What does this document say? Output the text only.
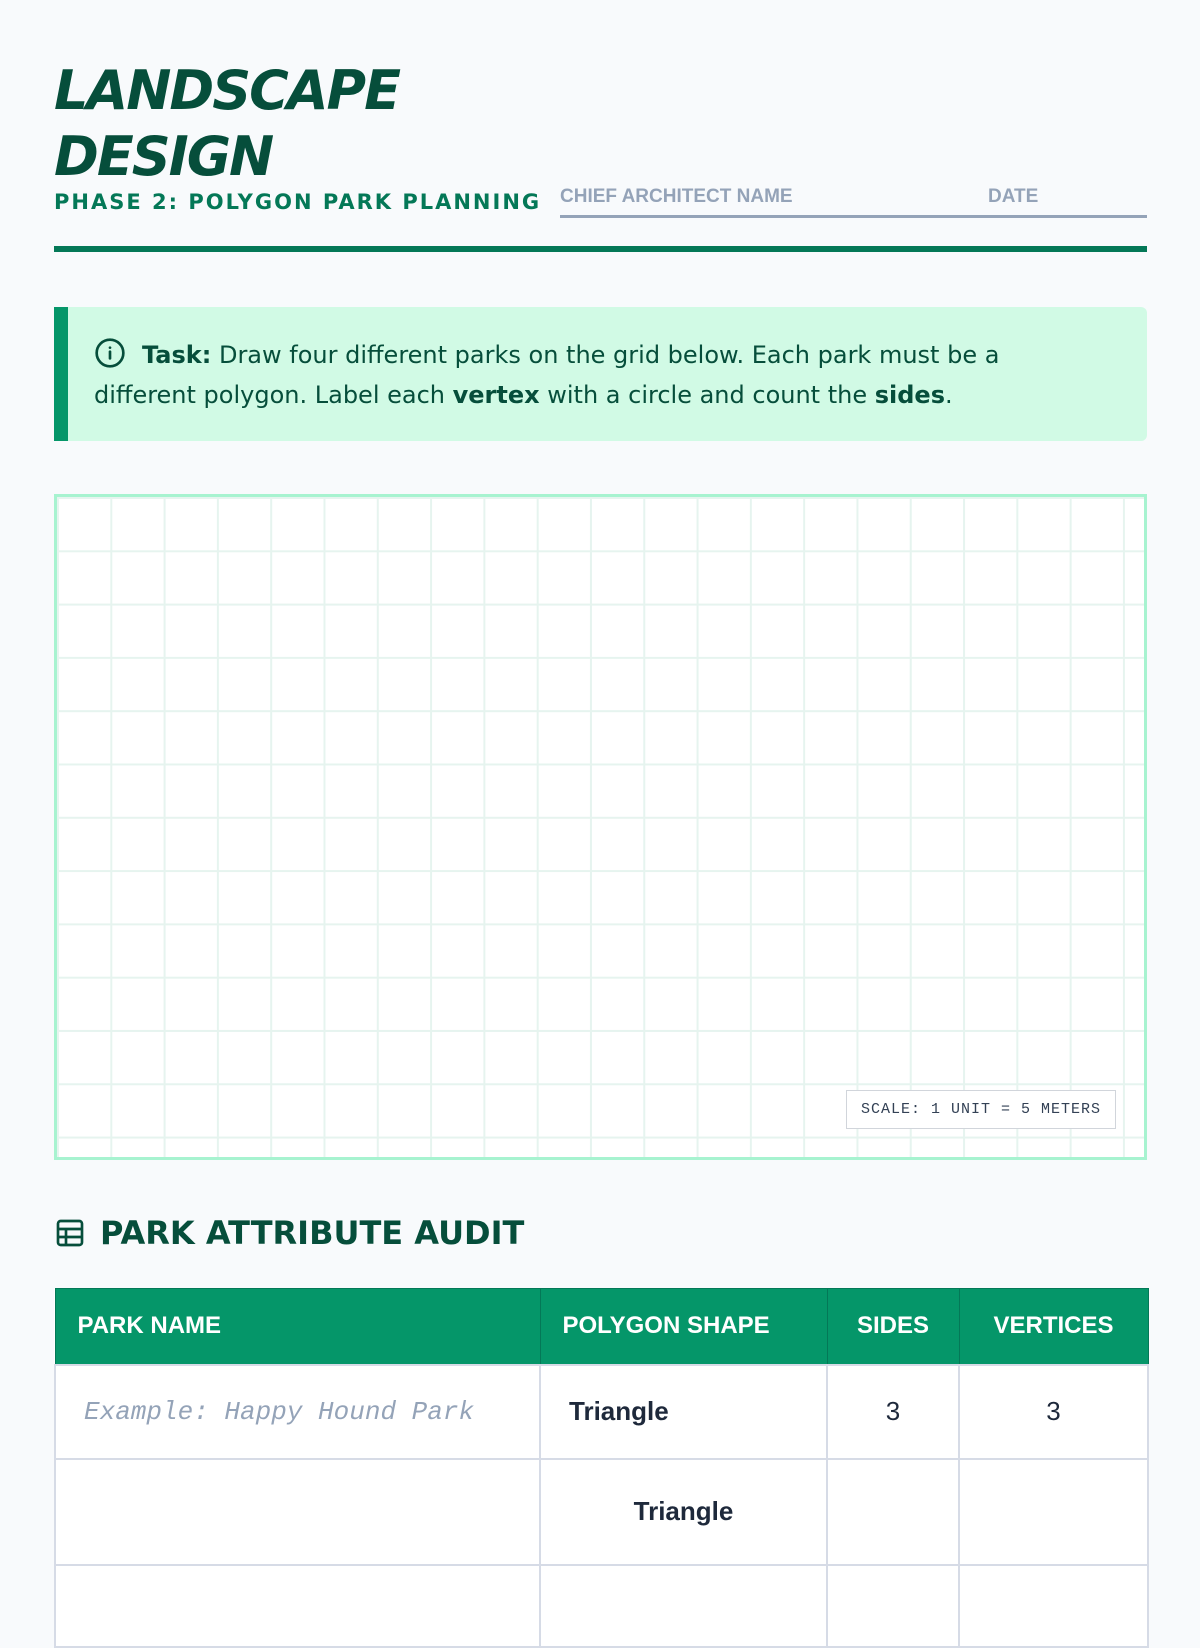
LANDSCAPE DESIGN
PHASE 2: POLYGON PARK PLANNING CHIEF ARCHITECT NAME	DATE
Task: Draw four different parks on the grid below. Each park must be a different polygon. Label each vertex with a circle and count the sides.
SCALE: 1 UNIT = 5 METERS
PARK ATTRIBUTE AUDIT
PARK NAME	POLYGON SHAPE	SIDES	VERTICES
Example: Happy Hound Park	Triangle	3	3
	Triangle		
